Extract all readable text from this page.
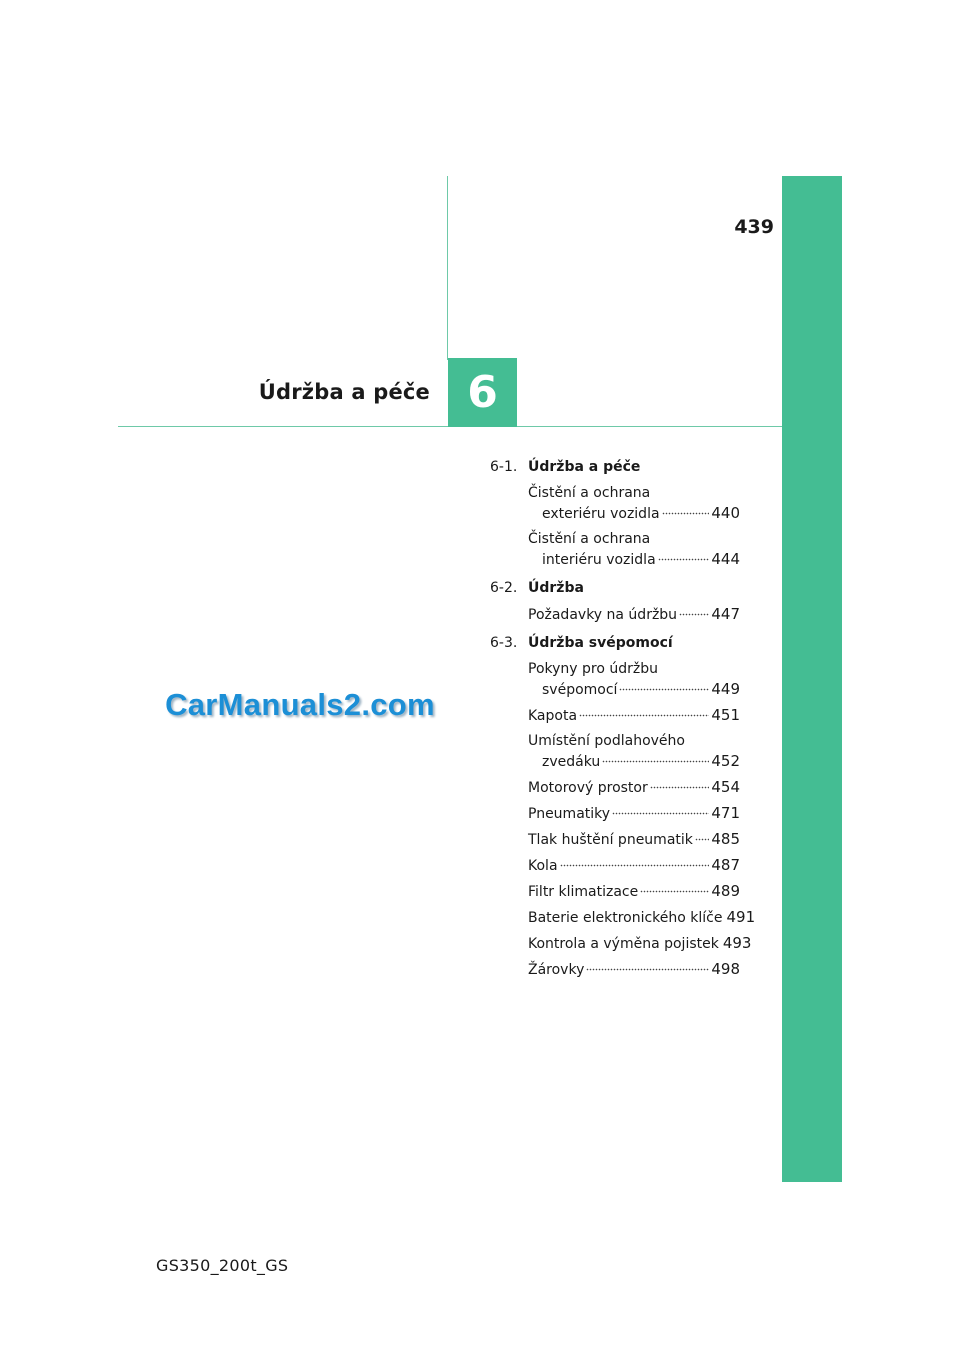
439
Údržba a péče 6
CarManuals2.com
6-1. Údržba a péče
Čistění a ochrana
exteriéru vozidla	440
Čistění a ochrana
interiéru vozidla	444
6-2. Údržba
Požadavky na údržbu 447
6-3. Údržba svépomocí
Pokyny pro údržbu
svépomocí	449
Kapota	451
Umístění podlahového
zvedáku	452
Motorový prostor	454
Pneumatiky	471
Tlak huštění pneumatik 485
Kola	487
Filtr klimatizace	489
Baterie elektronického klíče 491
Kontrola a výměna pojistek 493
Žárovky	498
GS350_200t_GS
